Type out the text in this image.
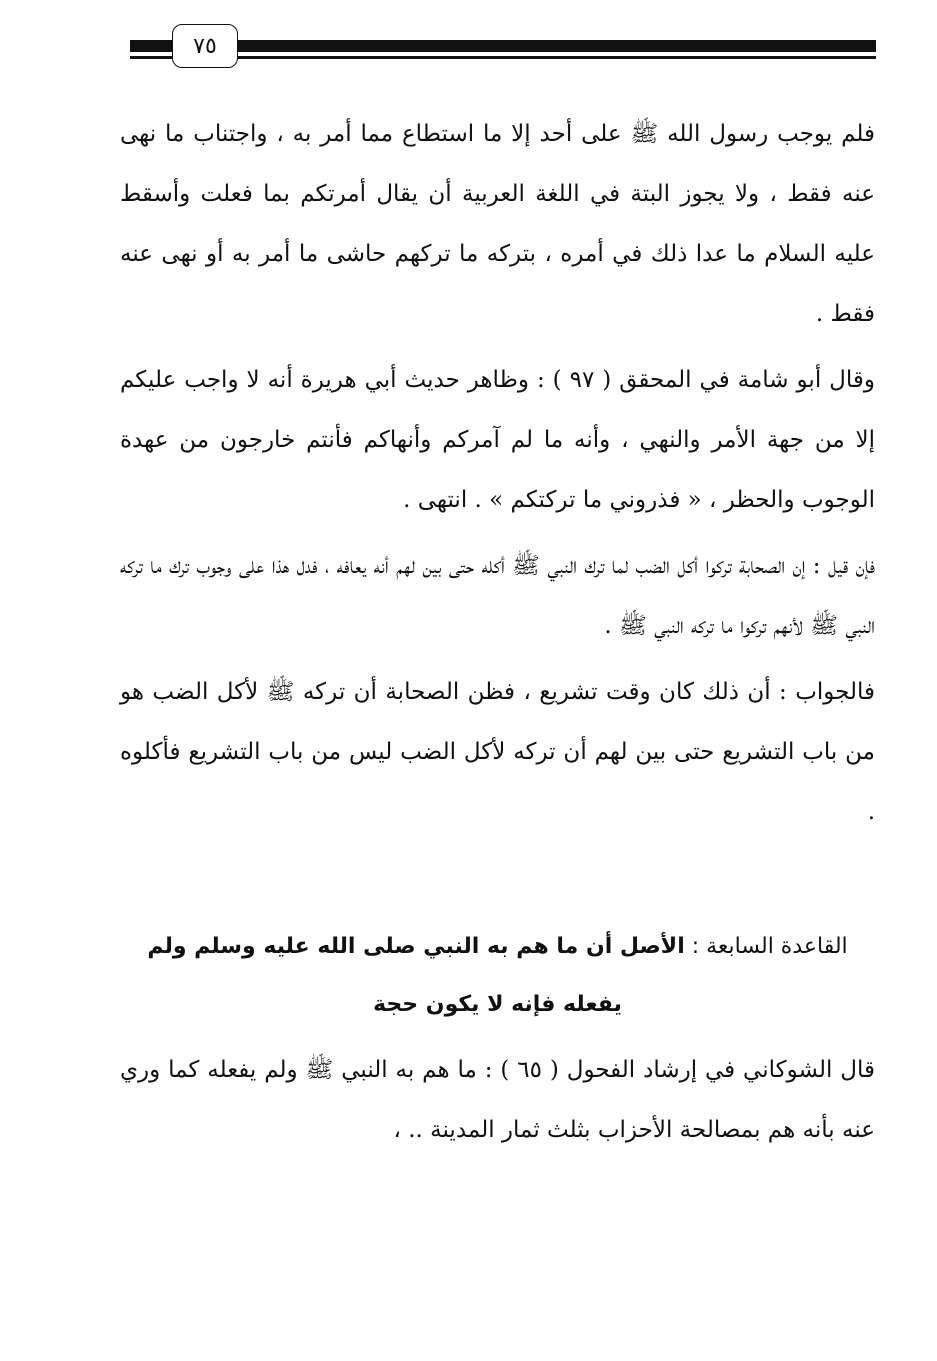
٧٥

فلم يوجب رسول الله ﷺ على أحد إلا ما استطاع مما أمر به ، واجتناب ما نهى عنه فقط ، ولا يجوز البتة في اللغة العربية أن يقال أمرتكم بما فعلت وأسقط عليه السلام ما عدا ذلك في أمره ، بتركه ما تركهم حاشى ما أمر به أو نهى عنه فقط .

وقال أبو شامة في المحقق ( ٩٧ ) : وظاهر حديث أبي هريرة أنه لا واجب عليكم إلا من جهة الأمر والنهي ، وأنه ما لم آمركم وأنهاكم فأنتم خارجون من عهدة الوجوب والحظر ، « فذروني ما تركتكم » . انتهى .

فإن قيل : إن الصحابة تركوا أكل الضب لما ترك النبي ﷺ أكله حتى بين لهم أنه يعافه ، فدل هذا على وجوب ترك ما تركه النبي ﷺ لأنهم تركوا ما تركه النبي ﷺ .

فالجواب : أن ذلك كان وقت تشريع ، فظن الصحابة أن تركه ﷺ لأكل الضب هو من باب التشريع حتى بين لهم أن تركه لأكل الضب ليس من باب التشريع فأكلوه .

القاعدة السابعة : الأصل أن ما هم به النبي صلى الله عليه وسلم ولم يفعله فإنه لا يكون حجة

قال الشوكاني في إرشاد الفحول ( ٦٥ ) : ما هم به النبي ﷺ ولم يفعله كما وري عنه بأنه هم بمصالحة الأحزاب بثلث ثمار المدينة .. ،
